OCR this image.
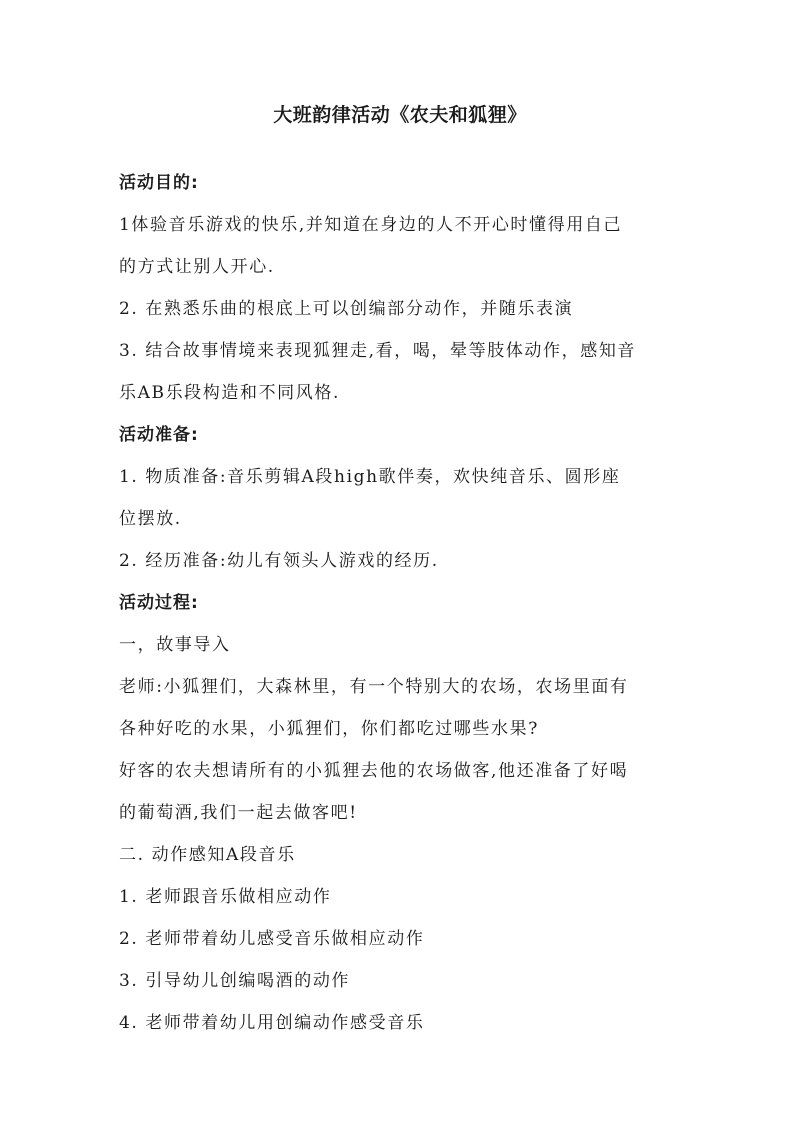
大班韵律活动《农夫和狐狸》
活动目的:
1体验音乐游戏的快乐,并知道在身边的人不开心时懂得用自己
的方式让别人开心.
2. 在熟悉乐曲的根底上可以创编部分动作，并随乐表演
3. 结合故事情境来表现狐狸走,看，喝，晕等肢体动作，感知音
乐AB乐段构造和不同风格.
活动准备:
1. 物质准备:音乐剪辑A段high歌伴奏，欢快纯音乐、圆形座
位摆放.
2. 经历准备:幼儿有领头人游戏的经历.
活动过程:
一，故事导入
老师:小狐狸们，大森林里，有一个特别大的农场，农场里面有
各种好吃的水果，小狐狸们，你们都吃过哪些水果?
好客的农夫想请所有的小狐狸去他的农场做客,他还准备了好喝
的葡萄酒,我们一起去做客吧!
二. 动作感知A段音乐
1. 老师跟音乐做相应动作
2. 老师带着幼儿感受音乐做相应动作
3. 引导幼儿创编喝酒的动作
4. 老师带着幼儿用创编动作感受音乐
